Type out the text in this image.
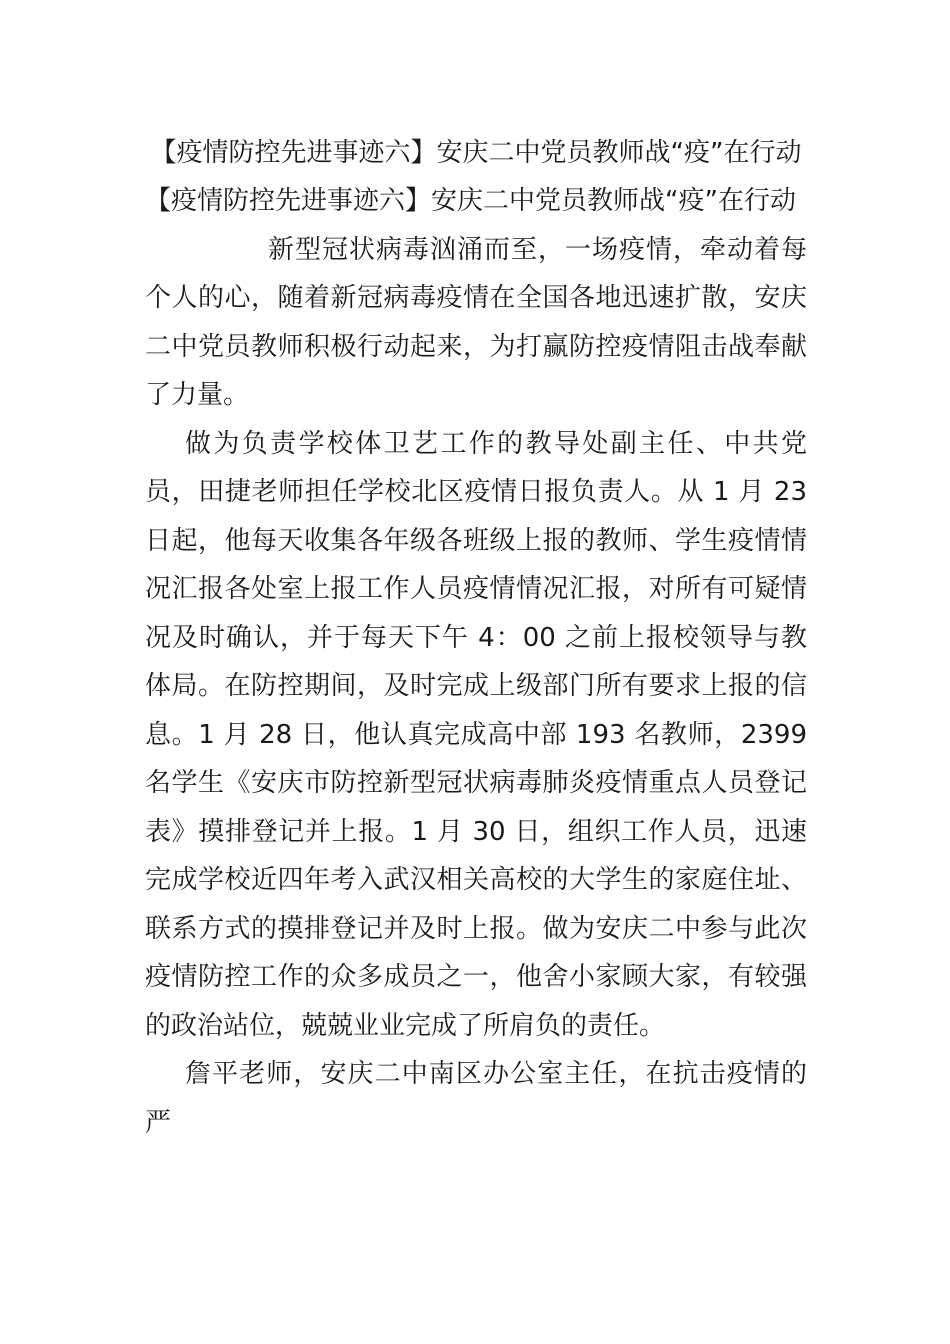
【疫情防控先进事迹六】安庆二中党员教师战“疫”在行动

【疫情防控先进事迹六】安庆二中党员教师战“疫”在行动

新型冠状病毒汹涌而至，一场疫情，牵动着每个人的心，随着新冠病毒疫情在全国各地迅速扩散，安庆二中党员教师积极行动起来，为打赢防控疫情阻击战奉献了力量。

做为负责学校体卫艺工作的教导处副主任、中共党员，田捷老师担任学校北区疫情日报负责人。从 1 月 23 日起，他每天收集各年级各班级上报的教师、学生疫情情况汇报各处室上报工作人员疫情情况汇报，对所有可疑情况及时确认，并于每天下午 4：00 之前上报校领导与教体局。在防控期间，及时完成上级部门所有要求上报的信息。1 月 28 日，他认真完成高中部 193 名教师，2399 名学生《安庆市防控新型冠状病毒肺炎疫情重点人员登记表》摸排登记并上报。1 月 30 日，组织工作人员，迅速完成学校近四年考入武汉相关高校的大学生的家庭住址、联系方式的摸排登记并及时上报。做为安庆二中参与此次疫情防控工作的众多成员之一，他舍小家顾大家，有较强的政治站位，兢兢业业完成了所肩负的责任。

詹平老师，安庆二中南区办公室主任，在抗击疫情的严
